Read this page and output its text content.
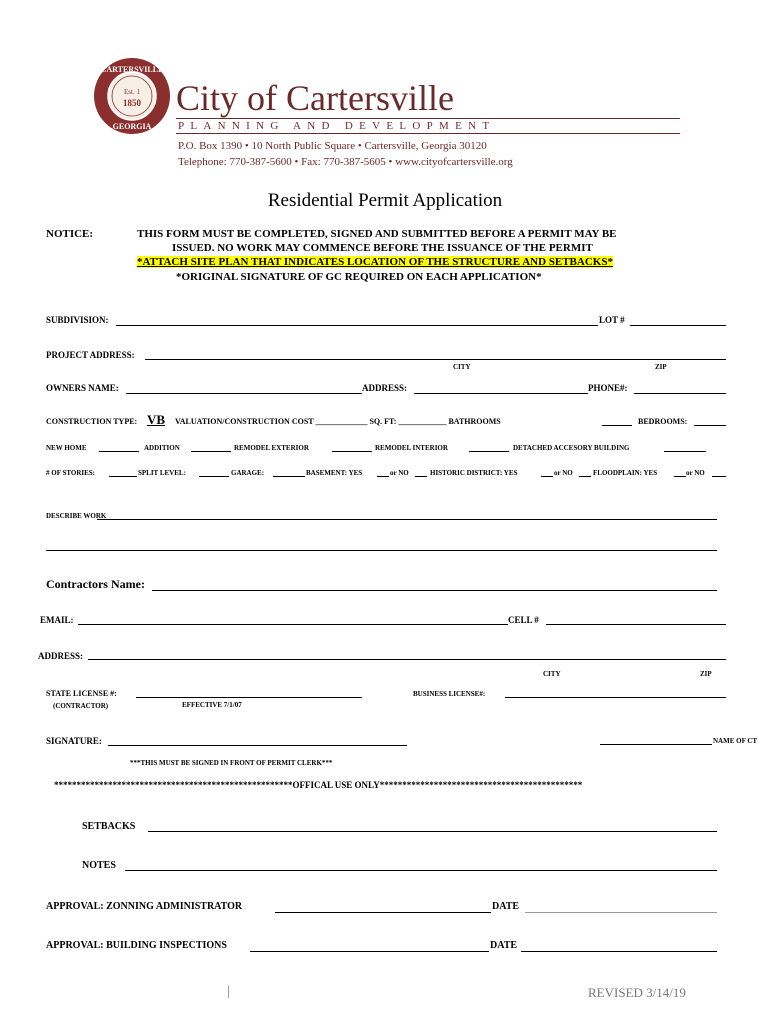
CARTERSVILLE
GEORGIA
Est. 1
1850 City of Cartersville
PLANNING AND DEVELOPMENT
P.O. Box 1390 • 10 North Public Square • Cartersville, Georgia 30120
Telephone: 770-387-5600 • Fax: 770-387-5605 • www.cityofcartersville.org
Residential Permit Application
NOTICE:	THIS FORM MUST BE COMPLETED, SIGNED AND SUBMITTED BEFORE A PERMIT MAY BE
ISSUED. NO WORK MAY COMMENCE BEFORE THE ISSUANCE OF THE PERMIT
*ATTACH SITE PLAN THAT INDICATES LOCATION OF THE STRUCTURE AND SETBACKS*
*ORIGINAL SIGNATURE OF GC REQUIRED ON EACH APPLICATION*
SUBDIVISION:	LOT #
PROJECT ADDRESS:
CITY	ZIP
OWNERS NAME:	ADDRESS:	PHONE#:
CONSTRUCTION TYPE: VB VALUATION/CONSTRUCTION COST _____________ SQ. FT: ____________ BATHROOMS	BEDROOMS:
NEW HOME	ADDITION	REMODEL EXTERIOR	REMODEL INTERIOR	DETACHED ACCESORY BUILDING
# OF STORIES:	SPLIT LEVEL:	GARAGE:	BASEMENT: YES	or NO	HISTORIC DISTRICT: YES	or NO	FLOODPLAIN: YES	or NO
DESCRIBE WORK
Contractors Name:
EMAIL:	CELL #
ADDRESS:
CITY	ZIP
STATE LICENSE #:
(CONTRACTOR)	EFFECTIVE 7/1/07
BUSINESS LICENSE#:
SIGNATURE:	NAME OF CT
***THIS MUST BE SIGNED IN FRONT OF PERMIT CLERK***
*****************************************************OFFICAL USE ONLY*********************************************
SETBACKS
NOTES
APPROVAL: ZONNING ADMINISTRATOR	DATE
APPROVAL: BUILDING INSPECTIONS	DATE
|	REVISED 3/14/19
